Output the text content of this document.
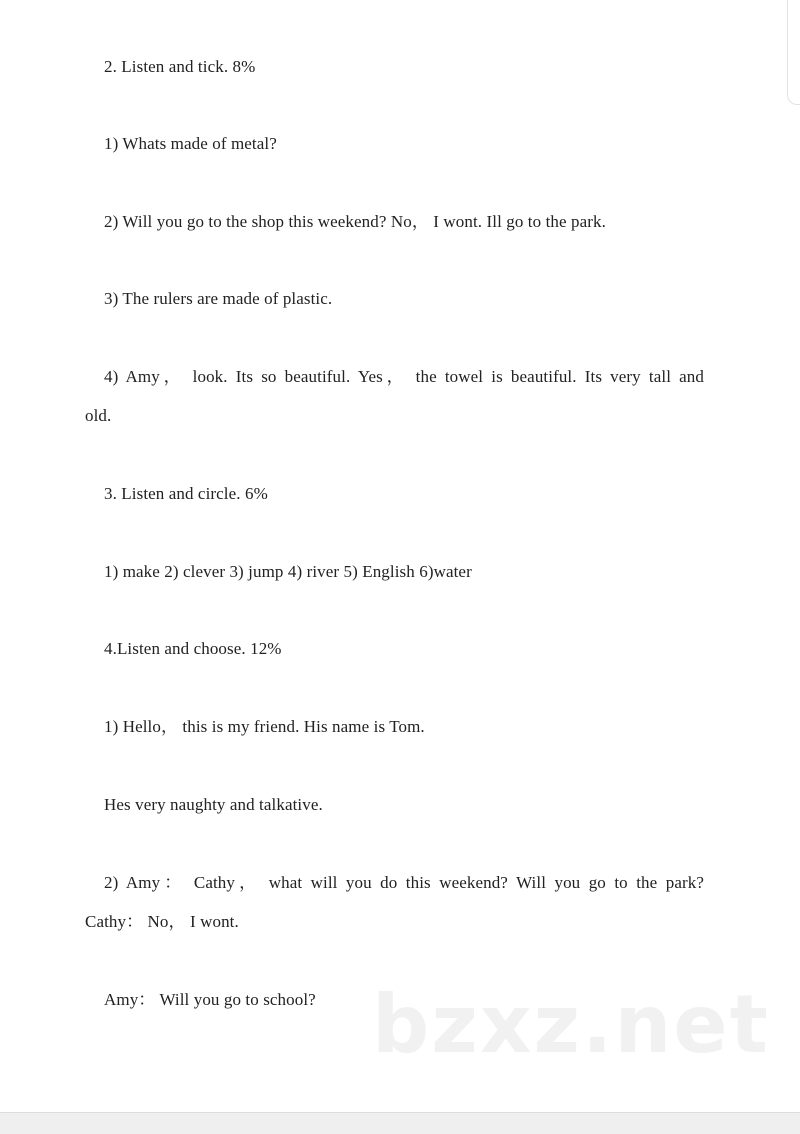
2. Listen and tick. 8%
1) Whats made of metal?
2) Will you go to the shop this weekend? No， I wont. Ill go to the park.
3) The rulers are made of plastic.
4) Amy， look. Its so beautiful. Yes， the towel is beautiful. Its very tall and
old.
3. Listen and circle. 6%
1) make 2) clever 3) jump 4) river 5) English 6)water
4.Listen and choose. 12%
1) Hello， this is my friend. His name is Tom.
Hes very naughty and talkative.
2) Amy： Cathy， what will you do this weekend? Will you go to the park?
Cathy： No， I wont.
Amy： Will you go to school? bzxz.net
